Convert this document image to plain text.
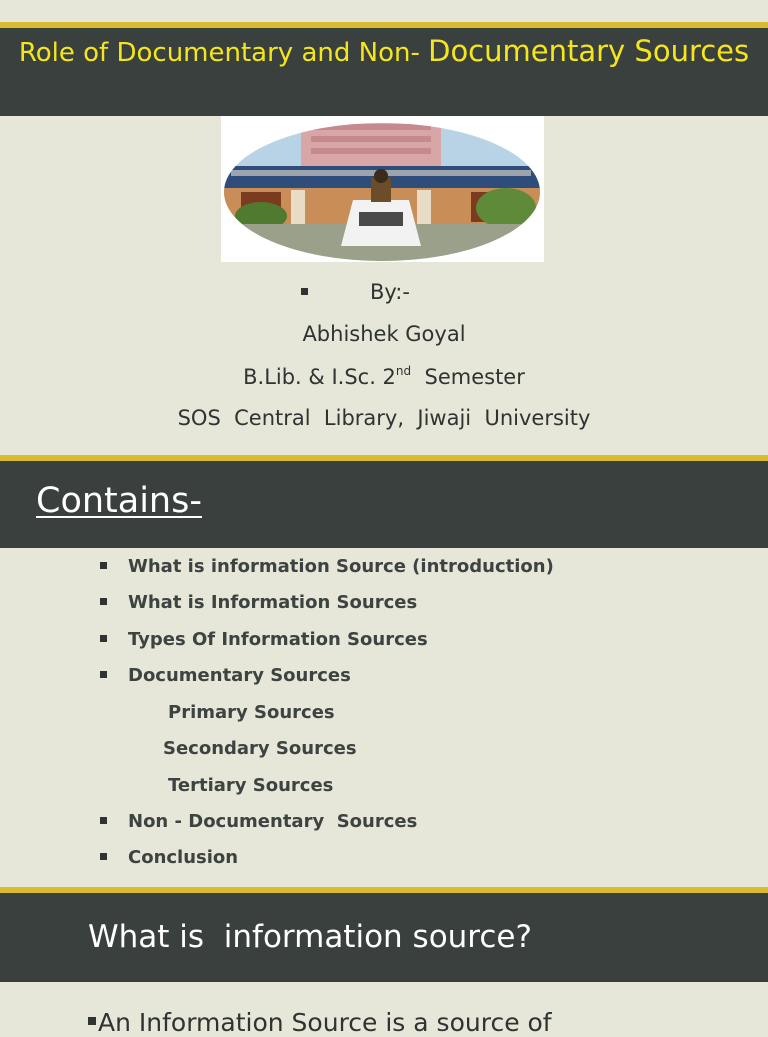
Role of Documentary and Non- Documentary Sources
By:-
Abhishek Goyal
B.Lib. & I.Sc. 2nd  Semester
SOS  Central  Library,  Jiwaji  University
Contains-
What is information Source (introduction)
What is Information Sources
Types Of Information Sources
Documentary Sources
Primary Sources
Secondary Sources
Tertiary Sources
Non - Documentary  Sources
Conclusion
What is  information source?
An Information Source is a source of
